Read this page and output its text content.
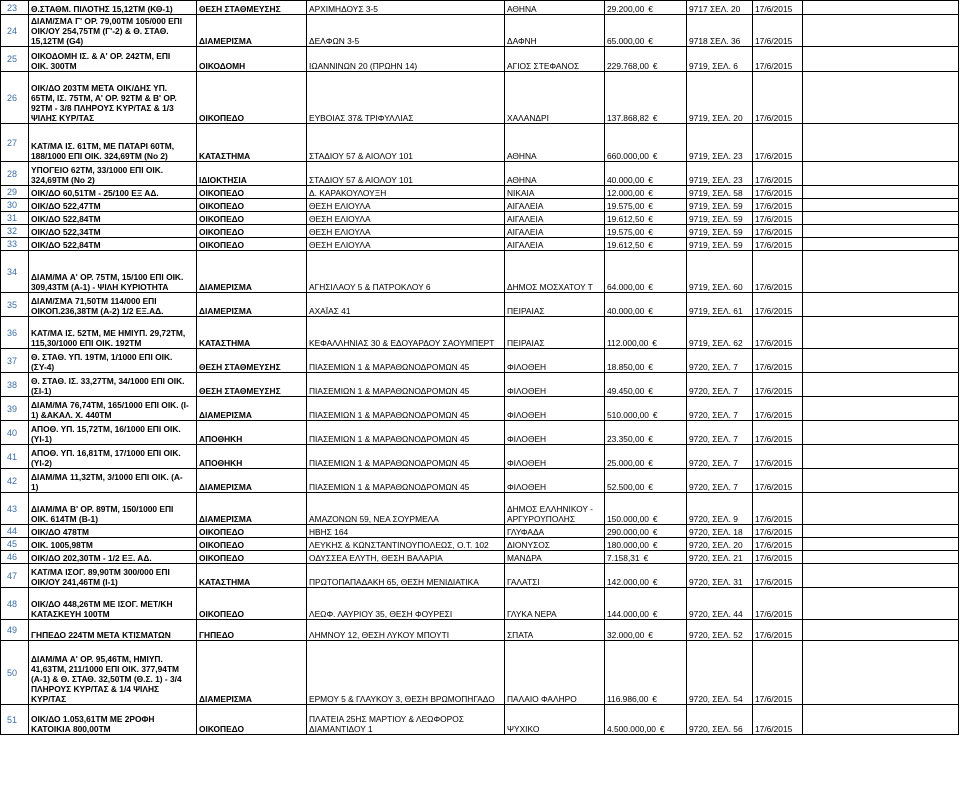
23	Θ.ΣΤΑΘΜ. ΠΙΛΟΤΗΣ 15,12ΤΜ (ΚΘ-1)	ΘΕΣΗ ΣΤΑΘΜΕΥΣΗΣ	ΑΡΧΙΜΗΔΟΥΣ 3-5	ΑΘΗΝΑ	29.200,00 €	9717 ΣΕΛ. 20	17/6/2015	
24	ΔΙΑΜ/ΣΜΑ Γ' ΟΡ. 79,00ΤΜ 105/000 ΕΠΙ
ΟΙΚ/ΟΥ 254,75ΤΜ (Γ'-2) & Θ. ΣΤΑΘ.
15,12ΤΜ (G4)	ΔΙΑΜΕΡΙΣΜΑ	ΔΕΛΦΩΝ 3-5	ΔΑΦΝΗ	65.000,00 €	9718 ΣΕΛ. 36	17/6/2015	
25	ΟΙΚΟΔΟΜΗ ΙΣ. & Α' ΟΡ. 242ΤΜ, ΕΠΙ
ΟΙΚ. 300ΤΜ	ΟΙΚΟΔΟΜΗ	ΙΩΑΝΝΙΝΩΝ 20 (ΠΡΩΗΝ 14)	ΑΓΙΟΣ ΣΤΕΦΑΝΟΣ	229.768,00 €	9719, ΣΕΛ. 6	17/6/2015	
26	ΟΙΚ/ΔΟ 203ΤΜ ΜΕΤΑ ΟΙΚ/ΔΗΣ ΥΠ.
65ΤΜ, ΙΣ. 75ΤΜ, Α' ΟΡ. 92ΤΜ & Β' ΟΡ.
92ΤΜ - 3/8 ΠΛΗΡΟΥΣ ΚΥΡ/ΤΑΣ & 1/3
ΨΙΛΗΣ ΚΥΡ/ΤΑΣ	ΟΙΚΟΠΕΔΟ	ΕΥΒΟΙΑΣ 37& ΤΡΙΦΥΛΛΙΑΣ	ΧΑΛΑΝΔΡΙ	137.868,82 €	9719, ΣΕΛ. 20	17/6/2015	
27	ΚΑΤ/ΜΑ ΙΣ. 61ΤΜ, ΜΕ ΠΑΤΑΡΙ 60ΤΜ,
188/1000 ΕΠΙ ΟΙΚ. 324,69ΤΜ (Νο 2)	ΚΑΤΑΣΤΗΜΑ	ΣΤΑΔΙΟΥ 57 & ΑΙΟΛΟΥ 101	ΑΘΗΝΑ	660.000,00 €	9719, ΣΕΛ. 23	17/6/2015	
28	ΥΠΟΓΕΙΟ 62ΤΜ, 33/1000 ΕΠΙ ΟΙΚ.
324,69ΤΜ (Νο 2)	ΙΔΙΟΚΤΗΣΙΑ	ΣΤΑΔΙΟΥ 57 & ΑΙΟΛΟΥ 101	ΑΘΗΝΑ	40.000,00 €	9719, ΣΕΛ. 23	17/6/2015	
29	ΟΙΚ/ΔΟ 60,51ΤΜ - 25/100 ΕΞ ΑΔ.	ΟΙΚΟΠΕΔΟ	Δ. ΚΑΡΑΚΟΥΛΟΥΞΗ	ΝΙΚΑΙΑ	12.000,00 €	9719, ΣΕΛ. 58	17/6/2015	
30	ΟΙΚ/ΔΟ 522,47ΤΜ	ΟΙΚΟΠΕΔΟ	ΘΕΣΗ ΕΛΙΟΥΛΑ	ΑΙΓΑΛΕΙΑ	19.575,00 €	9719, ΣΕΛ. 59	17/6/2015	
31	ΟΙΚ/ΔΟ 522,84ΤΜ	ΟΙΚΟΠΕΔΟ	ΘΕΣΗ ΕΛΙΟΥΛΑ	ΑΙΓΑΛΕΙΑ	19.612,50 €	9719, ΣΕΛ. 59	17/6/2015	
32	ΟΙΚ/ΔΟ 522,34ΤΜ	ΟΙΚΟΠΕΔΟ	ΘΕΣΗ ΕΛΙΟΥΛΑ	ΑΙΓΑΛΕΙΑ	19.575,00 €	9719, ΣΕΛ. 59	17/6/2015	
33	ΟΙΚ/ΔΟ 522,84ΤΜ	ΟΙΚΟΠΕΔΟ	ΘΕΣΗ ΕΛΙΟΥΛΑ	ΑΙΓΑΛΕΙΑ	19.612,50 €	9719, ΣΕΛ. 59	17/6/2015	
34	ΔΙΑΜ/ΜΑ Α' ΟΡ. 75ΤΜ, 15/100 ΕΠΙ ΟΙΚ.
309,43ΤΜ (Α-1) - ΨΙΛΗ ΚΥΡΙΟΤΗΤΑ	ΔΙΑΜΕΡΙΣΜΑ	ΑΓΗΣΙΛΑΟΥ 5 & ΠΑΤΡΟΚΛΟΥ 6	ΔΗΜΟΣ ΜΟΣΧΑΤΟΥ Τ	64.000,00 €	9719, ΣΕΛ. 60	17/6/2015	
35	ΔΙΑΜ/ΣΜΑ 71,50ΤΜ 114/000 ΕΠΙ
ΟΙΚΟΠ.236,38ΤΜ (Α-2) 1/2 ΕΞ.ΑΔ.	ΔΙΑΜΕΡΙΣΜΑ	ΑΧΑΪΑΣ 41	ΠΕΙΡΑΙΑΣ	40.000,00 €	9719, ΣΕΛ. 61	17/6/2015	
36	ΚΑΤ/ΜΑ ΙΣ. 52ΤΜ, ΜΕ ΗΜΙΥΠ. 29,72ΤΜ,
115,30/1000 ΕΠΙ ΟΙΚ. 192ΤΜ	ΚΑΤΑΣΤΗΜΑ	ΚΕΦΑΛΛΗΝΙΑΣ 30 & ΕΔΟΥΑΡΔΟΥ ΣΑΟΥΜΠΕΡΤ	ΠΕΙΡΑΙΑΣ	112.000,00 €	9719, ΣΕΛ. 62	17/6/2015	
37	Θ. ΣΤΑΘ. ΥΠ. 19ΤΜ, 1/1000 ΕΠΙ ΟΙΚ.
(ΣΥ-4)	ΘΕΣΗ ΣΤΑΘΜΕΥΣΗΣ	ΠΙΑΣΕΜΙΩΝ 1 & ΜΑΡΑΘΩΝΟΔΡΟΜΩΝ 45	ΦΙΛΟΘΕΗ	18.850,00 €	9720, ΣΕΛ. 7	17/6/2015	
38	Θ. ΣΤΑΘ. ΙΣ. 33,27ΤΜ, 34/1000 ΕΠΙ ΟΙΚ.
(ΣΙ-1)	ΘΕΣΗ ΣΤΑΘΜΕΥΣΗΣ	ΠΙΑΣΕΜΙΩΝ 1 & ΜΑΡΑΘΩΝΟΔΡΟΜΩΝ 45	ΦΙΛΟΘΕΗ	49.450,00 €	9720, ΣΕΛ. 7	17/6/2015	
39	ΔΙΑΜ/ΜΑ 76,74ΤΜ, 165/1000 ΕΠΙ ΟΙΚ. (Ι-
1) &ΑΚΑΛ. Χ. 440ΤΜ	ΔΙΑΜΕΡΙΣΜΑ	ΠΙΑΣΕΜΙΩΝ 1 & ΜΑΡΑΘΩΝΟΔΡΟΜΩΝ 45	ΦΙΛΟΘΕΗ	510.000,00 €	9720, ΣΕΛ. 7	17/6/2015	
40	ΑΠΟΘ. ΥΠ. 15,72ΤΜ, 16/1000 ΕΠΙ ΟΙΚ.
(ΥΙ-1)	ΑΠΟΘΗΚΗ	ΠΙΑΣΕΜΙΩΝ 1 & ΜΑΡΑΘΩΝΟΔΡΟΜΩΝ 45	ΦΙΛΟΘΕΗ	23.350,00 €	9720, ΣΕΛ. 7	17/6/2015	
41	ΑΠΟΘ. ΥΠ. 16,81ΤΜ, 17/1000 ΕΠΙ ΟΙΚ.
(ΥΙ-2)	ΑΠΟΘΗΚΗ	ΠΙΑΣΕΜΙΩΝ 1 & ΜΑΡΑΘΩΝΟΔΡΟΜΩΝ 45	ΦΙΛΟΘΕΗ	25.000,00 €	9720, ΣΕΛ. 7	17/6/2015	
42	ΔΙΑΜ/ΜΑ 11,32ΤΜ, 3/1000 ΕΠΙ ΟΙΚ. (Α-
1)	ΔΙΑΜΕΡΙΣΜΑ	ΠΙΑΣΕΜΙΩΝ 1 & ΜΑΡΑΘΩΝΟΔΡΟΜΩΝ 45	ΦΙΛΟΘΕΗ	52.500,00 €	9720, ΣΕΛ. 7	17/6/2015	
43	ΔΙΑΜ/ΜΑ Β' ΟΡ. 89ΤΜ, 150/1000 ΕΠΙ
ΟΙΚ. 614ΤΜ (Β-1)	ΔΙΑΜΕΡΙΣΜΑ	ΑΜΑΖΟΝΩΝ 59, ΝΕΑ ΣΟΥΡΜΕΛΑ	ΔΗΜΟΣ ΕΛΛΗΝΙΚΟΥ -
ΑΡΓΥΡΟΥΠΟΛΗΣ	150.000,00 €	9720, ΣΕΛ. 9	17/6/2015	
44	ΟΙΚ/ΔΟ 478ΤΜ	ΟΙΚΟΠΕΔΟ	ΗΒΗΣ 164	ΓΛΥΦΑΔΑ	290.000,00 €	9720, ΣΕΛ. 18	17/6/2015	
45	ΟΙΚ. 1005,98ΤΜ	ΟΙΚΟΠΕΔΟ	ΛΕΥΚΗΣ & ΚΩΝΣΤΑΝΤΙΝΟΥΠΟΛΕΩΣ, Ο.Τ. 102	ΔΙΟΝΥΣΟΣ	180.000,00 €	9720, ΣΕΛ. 20	17/6/2015	
46	ΟΙΚ/ΔΟ 202,30ΤΜ - 1/2 ΕΞ. ΑΔ.	ΟΙΚΟΠΕΔΟ	ΟΔΥΣΣΕΑ ΕΛΥΤΗ, ΘΕΣΗ ΒΑΛΑΡΙΑ	ΜΑΝΔΡΑ	7.158,31 €	9720, ΣΕΛ. 21	17/6/2015	
47	ΚΑΤ/ΜΑ ΙΣΟΓ. 89,90ΤΜ 300/000 ΕΠΙ
ΟΙΚ/ΟΥ 241,46ΤΜ (Ι-1)	ΚΑΤΑΣΤΗΜΑ	ΠΡΩΤΟΠΑΠΑΔΑΚΗ 65, ΘΕΣΗ ΜΕΝΙΔΙΑΤΙΚΑ	ΓΑΛΑΤΣΙ	142.000,00 €	9720, ΣΕΛ. 31	17/6/2015	
48	ΟΙΚ/ΔΟ 448,26ΤΜ ΜΕ ΙΣΟΓ. ΜΕΤ/ΚΗ
ΚΑΤΑΣΚΕΥΗ 100ΤΜ	ΟΙΚΟΠΕΔΟ	ΛΕΩΦ. ΛΑΥΡΙΟΥ 35, ΘΕΣΗ ΦΟΥΡΕΣΙ	ΓΛΥΚΑ ΝΕΡΑ	144.000,00 €	9720, ΣΕΛ. 44	17/6/2015	
49	ΓΗΠΕΔΟ 224ΤΜ ΜΕΤΑ ΚΤΙΣΜΑΤΩΝ	ΓΗΠΕΔΟ	ΛΗΜΝΟΥ 12, ΘΕΣΗ ΛΥΚΟΥ ΜΠΟΥΤΙ	ΣΠΑΤΑ	32.000,00 €	9720, ΣΕΛ. 52	17/6/2015	
50	ΔΙΑΜ/ΜΑ Α' ΟΡ. 95,46ΤΜ, ΗΜΙΥΠ.
41,63ΤΜ, 211/1000 ΕΠΙ ΟΙΚ. 377,94ΤΜ
(Α-1) & Θ. ΣΤΑΘ. 32,50ΤΜ (Θ.Σ. 1) - 3/4
ΠΛΗΡΟΥΣ ΚΥΡ/ΤΑΣ & 1/4 ΨΙΛΗΣ
ΚΥΡ/ΤΑΣ	ΔΙΑΜΕΡΙΣΜΑ	ΕΡΜΟΥ 5 & ΓΛΑΥΚΟΥ 3, ΘΕΣΗ ΒΡΩΜΟΠΗΓΑΔΟ	ΠΑΛΑΙΟ ΦΑΛΗΡΟ	116.986,00 €	9720, ΣΕΛ. 54	17/6/2015	
51	ΟΙΚ/ΔΟ 1.053,61ΤΜ ΜΕ 2ΡΟΦΗ
ΚΑΤΟΙΚΙΑ 800,00ΤΜ	ΟΙΚΟΠΕΔΟ	ΠΛΑΤΕΙΑ 25ΗΣ ΜΑΡΤΙΟΥ & ΛΕΩΦΟΡΟΣ ΔΙΑΜΑΝΤΙΔΟΥ 1	ΨΥΧΙΚΟ	4.500.000,00 €	9720, ΣΕΛ. 56	17/6/2015	
